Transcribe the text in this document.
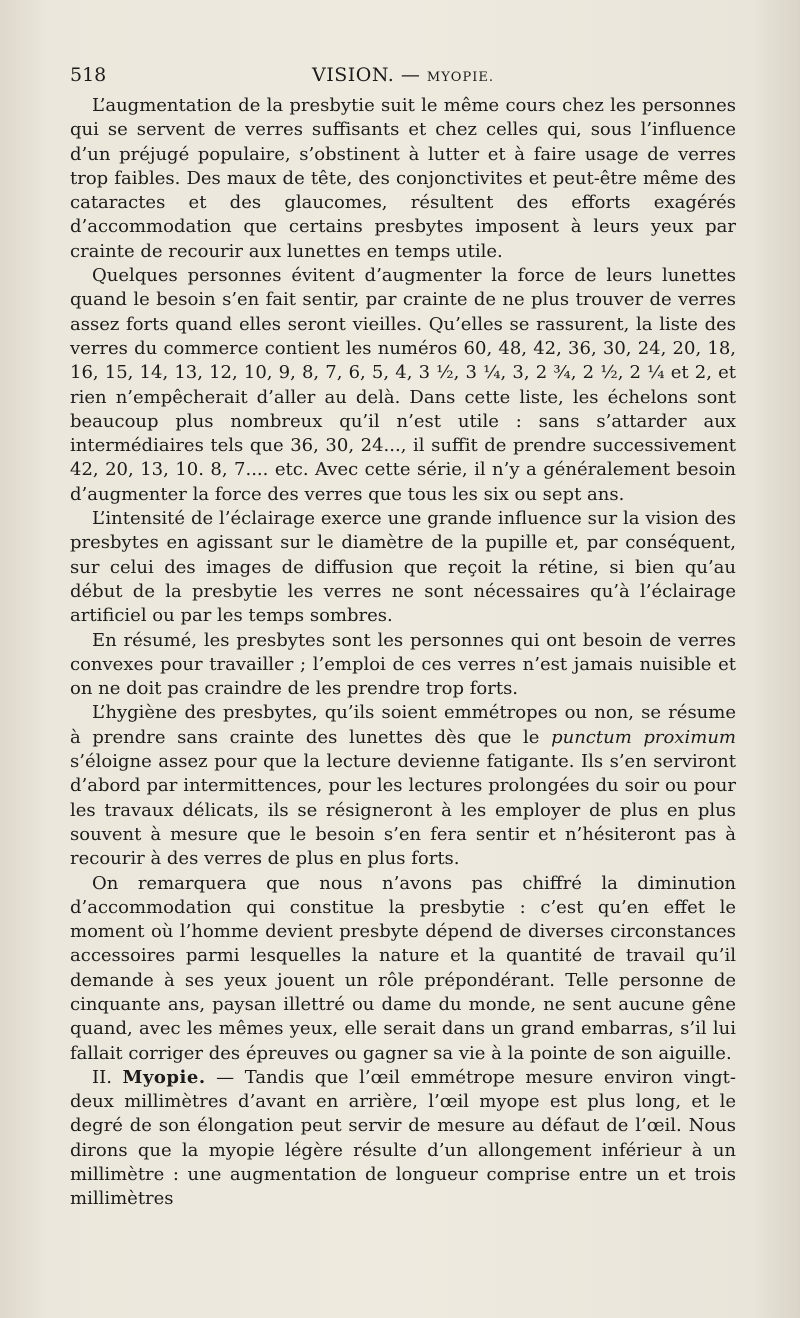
518	VISION. — MYOPIE.

L’augmentation de la presbytie suit le même cours chez les personnes qui se servent de verres suffisants et chez celles qui, sous l’influence d’un préjugé populaire, s’obstinent à lutter et à faire usage de verres trop faibles. Des maux de tête, des conjonctivites et peut-être même des cataractes et des glaucomes, résultent des efforts exagérés d’accommodation que certains presbytes imposent à leurs yeux par crainte de recourir aux lunettes en temps utile.

Quelques personnes évitent d’augmenter la force de leurs lunettes quand le besoin s’en fait sentir, par crainte de ne plus trouver de verres assez forts quand elles seront vieilles. Qu’elles se rassurent, la liste des verres du commerce contient les numéros 60, 48, 42, 36, 30, 24, 20, 18, 16, 15, 14, 13, 12, 10, 9, 8, 7, 6, 5, 4, 3 ½, 3 ¼, 3, 2 ¾, 2 ½, 2 ¼ et 2, et rien n’empêcherait d’aller au delà. Dans cette liste, les échelons sont beaucoup plus nombreux qu’il n’est utile : sans s’attarder aux intermédiaires tels que 36, 30, 24..., il suffit de prendre successivement 42, 20, 13, 10. 8, 7.... etc. Avec cette série, il n’y a généralement besoin d’augmenter la force des verres que tous les six ou sept ans.

L’intensité de l’éclairage exerce une grande influence sur la vision des presbytes en agissant sur le diamètre de la pupille et, par conséquent, sur celui des images de diffusion que reçoit la rétine, si bien qu’au début de la presbytie les verres ne sont nécessaires qu’à l’éclairage artificiel ou par les temps sombres.

En résumé, les presbytes sont les personnes qui ont besoin de verres convexes pour travailler ; l’emploi de ces verres n’est jamais nuisible et on ne doit pas craindre de les prendre trop forts.

L’hygiène des presbytes, qu’ils soient emmétropes ou non, se résume à prendre sans crainte des lunettes dès que le punctum proximum s’éloigne assez pour que la lecture devienne fatigante. Ils s’en serviront d’abord par intermittences, pour les lectures prolongées du soir ou pour les travaux délicats, ils se résigneront à les employer de plus en plus souvent à mesure que le besoin s’en fera sentir et n’hésiteront pas à recourir à des verres de plus en plus forts.

On remarquera que nous n’avons pas chiffré la diminution d’accommodation qui constitue la presbytie : c’est qu’en effet le moment où l’homme devient presbyte dépend de diverses circonstances accessoires parmi lesquelles la nature et la quantité de travail qu’il demande à ses yeux jouent un rôle prépondérant. Telle personne de cinquante ans, paysan illettré ou dame du monde, ne sent aucune gêne quand, avec les mêmes yeux, elle serait dans un grand embarras, s’il lui fallait corriger des épreuves ou gagner sa vie à la pointe de son aiguille.

II. Myopie. — Tandis que l’œil emmétrope mesure environ vingt-deux millimètres d’avant en arrière, l’œil myope est plus long, et le degré de son élongation peut servir de mesure au défaut de l’œil. Nous dirons que la myopie légère résulte d’un allongement inférieur à un millimètre : une augmentation de longueur comprise entre un et trois millimètres
